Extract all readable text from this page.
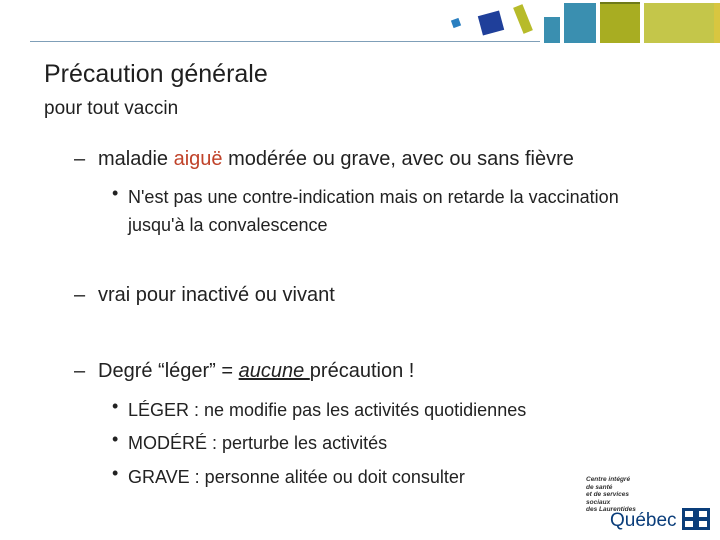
Précaution générale
pour tout vaccin
– maladie aiguë modérée ou grave, avec ou sans fièvre
• N'est pas une contre-indication mais on retarde la vaccination jusqu'à la convalescence
– vrai pour inactivé ou vivant
– Degré “léger” = aucune précaution !
• LÉGER : ne modifie pas les activités quotidiennes
• MODÉRÉ : perturbe les activités
• GRAVE : personne alitée ou doit consulter	Centre intégré
de santé
et de services sociaux
des Laurentides
Québec
